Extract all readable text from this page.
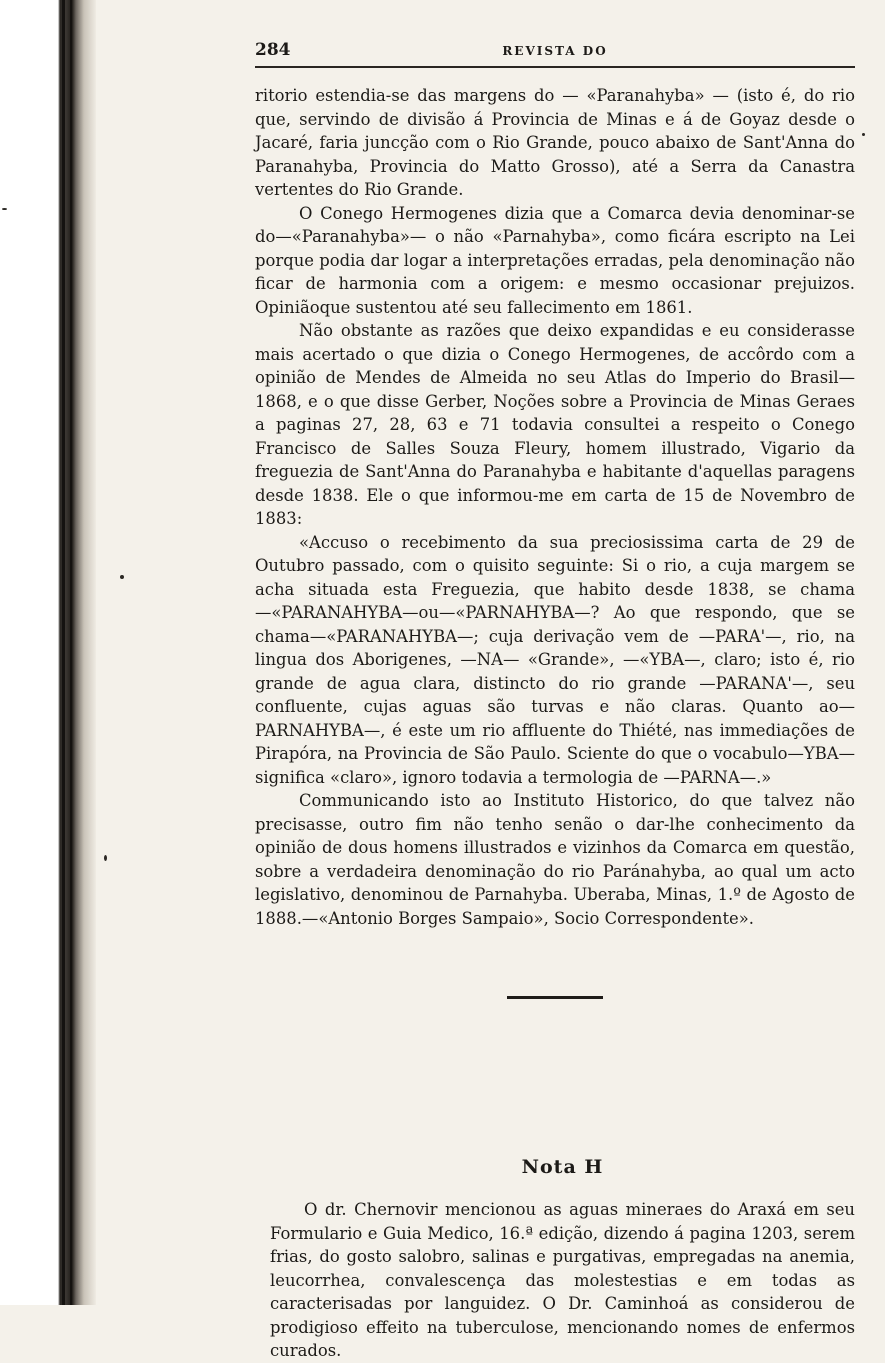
284	REVISTA DO

ritorio estendia-se das margens do — «Paranahyba» — (isto é, do rio que, servindo de divisão á Provincia de Minas e á de Goyaz desde o Jacaré, faria juncção com o Rio Grande, pouco abaixo de Sant'Anna do Paranahyba, Provincia do Matto Grosso), até a Serra da Canastra vertentes do Rio Grande.

O Conego Hermogenes dizia que a Comarca devia denominar-se do—«Paranahyba»— o não «Parnahyba», como ficára escripto na Lei porque podia dar logar a interpretações erradas, pela denominação não ficar de harmonia com a origem: e mesmo occasionar prejuizos. Opiniãoque sustentou até seu fallecimento em 1861.

Não obstante as razões que deixo expandidas e eu considerasse mais acertado o que dizia o Conego Hermogenes, de accôrdo com a opinião de Mendes de Almeida no seu Atlas do Imperio do Brasil— 1868, e o que disse Gerber, Noções sobre a Provincia de Minas Geraes a paginas 27, 28, 63 e 71 todavia consultei a respeito o Conego Francisco de Salles Souza Fleury, homem illustrado, Vigario da freguezia de Sant'Anna do Paranahyba e habitante d'aquellas paragens desde 1838. Ele o que informou-me em carta de 15 de Novembro de 1883:

«Accuso o recebimento da sua preciosissima carta de 29 de Outubro passado, com o quisito seguinte: Si o rio, a cuja margem se acha situada esta Freguezia, que habito desde 1838, se chama—«PARANAHYBA—ou—«PARNAHYBA—? Ao que respondo, que se chama—«PARANAHYBA—; cuja derivação vem de —PARA'—, rio, na lingua dos Aborigenes, —NA— «Grande», —«YBA—, claro; isto é, rio grande de agua clara, distincto do rio grande —PARANA'—, seu confluente, cujas aguas são turvas e não claras. Quanto ao—PARNAHYBA—, é este um rio affluente do Thiété, nas immediações de Pirapóra, na Provincia de São Paulo. Sciente do que o vocabulo—YBA—significa «claro», ignoro todavia a termologia de —PARNA—.»

Communicando isto ao Instituto Historico, do que talvez não precisasse, outro fim não tenho senão o dar-lhe conhecimento da opinião de dous homens illustrados e vizinhos da Comarca em questão, sobre a verdadeira denominação do rio Paránahyba, ao qual um acto legislativo, denominou de Parnahyba. Uberaba, Minas, 1.º de Agosto de 1888.—«Antonio Borges Sampaio», Socio Correspondente».

Nota H

O dr. Chernovir mencionou as aguas mineraes do Araxá em seu Formulario e Guia Medico, 16.ª edição, dizendo á pagina 1203, serem frias, do gosto salobro, salinas e purgativas, empregadas na anemia, leucorrhea, convalescença das molestestias e em todas as caracterisadas por languidez. O Dr. Caminhoá as considerou de prodigioso effeito na tuberculose, mencionando nomes de enfermos curados.
